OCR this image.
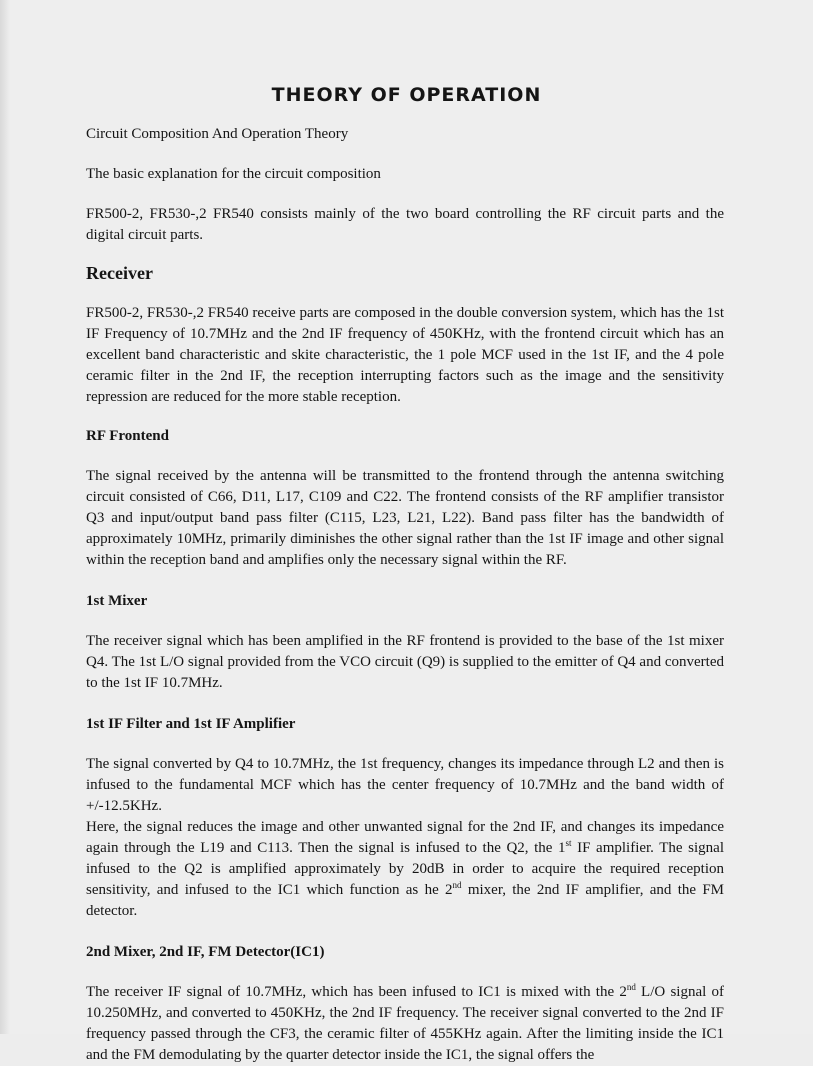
THEORY OF OPERATION

Circuit Composition And Operation Theory

The basic explanation for the circuit composition

FR500-2, FR530-,2 FR540 consists mainly of the two board controlling the RF circuit parts and the digital circuit parts.

Receiver

FR500-2, FR530-,2 FR540 receive parts are composed in the double conversion system, which has the 1st IF Frequency of 10.7MHz and the 2nd IF frequency of 450KHz, with the frontend circuit which has an excellent band characteristic and skite characteristic, the 1 pole MCF used in the 1st IF, and the 4 pole ceramic filter in the 2nd IF, the reception interrupting factors such as the image and the sensitivity repression are reduced for the more stable reception.

RF Frontend

The signal received by the antenna will be transmitted to the frontend through the antenna switching circuit consisted of C66, D11, L17, C109 and C22. The frontend consists of the RF amplifier transistor Q3 and input/output band pass filter (C115, L23, L21, L22). Band pass filter has the bandwidth of approximately 10MHz, primarily diminishes the other signal rather than the 1st IF image and other signal within the reception band and amplifies only the necessary signal within the RF.

1st Mixer

The receiver signal which has been amplified in the RF frontend is provided to the base of the 1st mixer Q4. The 1st L/O signal provided from the VCO circuit (Q9) is supplied to the emitter of Q4 and converted to the 1st IF 10.7MHz.

1st IF Filter and 1st IF Amplifier

The signal converted by Q4 to 10.7MHz, the 1st frequency, changes its impedance through L2 and then is infused to the fundamental MCF which has the center frequency of 10.7MHz and the band width of +/-12.5KHz.

Here, the signal reduces the image and other unwanted signal for the 2nd IF, and changes its impedance again through the L19 and C113. Then the signal is infused to the Q2, the 1st IF amplifier. The signal infused to the Q2 is amplified approximately by 20dB in order to acquire the required reception sensitivity, and infused to the IC1 which function as he 2nd mixer, the 2nd IF amplifier, and the FM detector.

2nd Mixer, 2nd IF, FM Detector(IC1)

The receiver IF signal of 10.7MHz, which has been infused to IC1 is mixed with the 2nd L/O signal of 10.250MHz, and converted to 450KHz, the 2nd IF frequency. The receiver signal converted to the 2nd IF frequency passed through the CF3, the ceramic filter of 455KHz again. After the limiting inside the IC1 and the FM demodulating by the quarter detector inside the IC1, the signal offers the
